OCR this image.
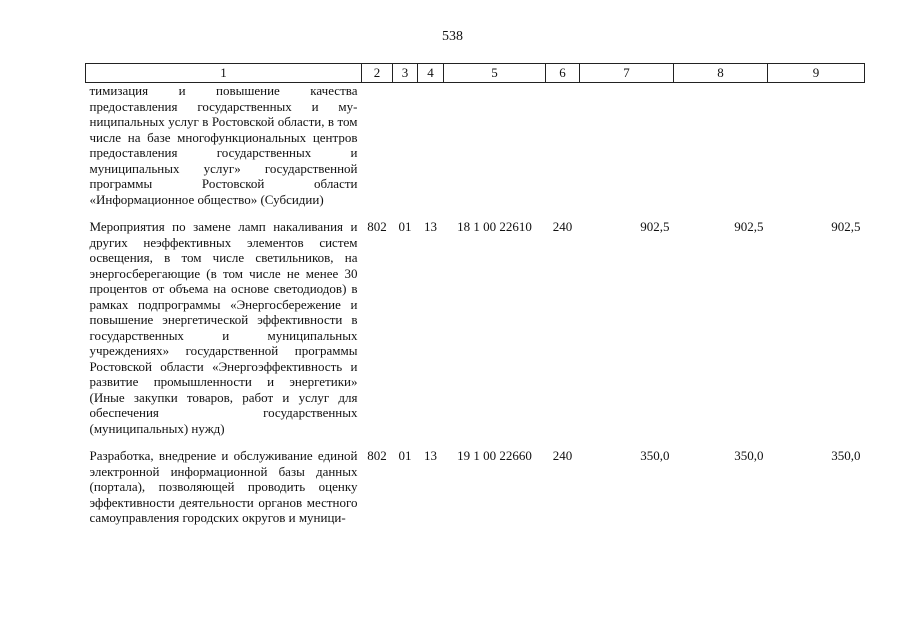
538
1	2	3	4	5	6	7	8	9
тимизация и повышение качества предоставления государственных и муниципальных услуг в Ростовской области, в том числе на базе многофункциональных центров предоставления государственных и муниципальных услуг» государственной программы Ростовской области «Информационное общество» (Субсидии)								

Мероприятия по замене ламп накаливания и других неэффективных элементов систем освещения, в том числе светильников, на энергосберегающие (в том числе не менее 30 процентов от объема на основе светодиодов) в рамках подпрограммы «Энергосбережение и повышение энергетической эффективности в государственных и муниципальных учреждениях» государственной программы Ростовской области «Энергоэффективность и развитие промышленности и энергетики» (Иные закупки товаров, работ и услуг для обеспечения государственных (муниципальных) нужд)	802	01	13	18 1 00 22610	240	902,5	902,5	902,5

Разработка, внедрение и обслуживание единой электронной информационной базы данных (портала), позволяющей проводить оценку эффективности деятельности органов местного самоуправления городских округов и муници-	802	01	13	19 1 00 22660	240	350,0	350,0	350,0
